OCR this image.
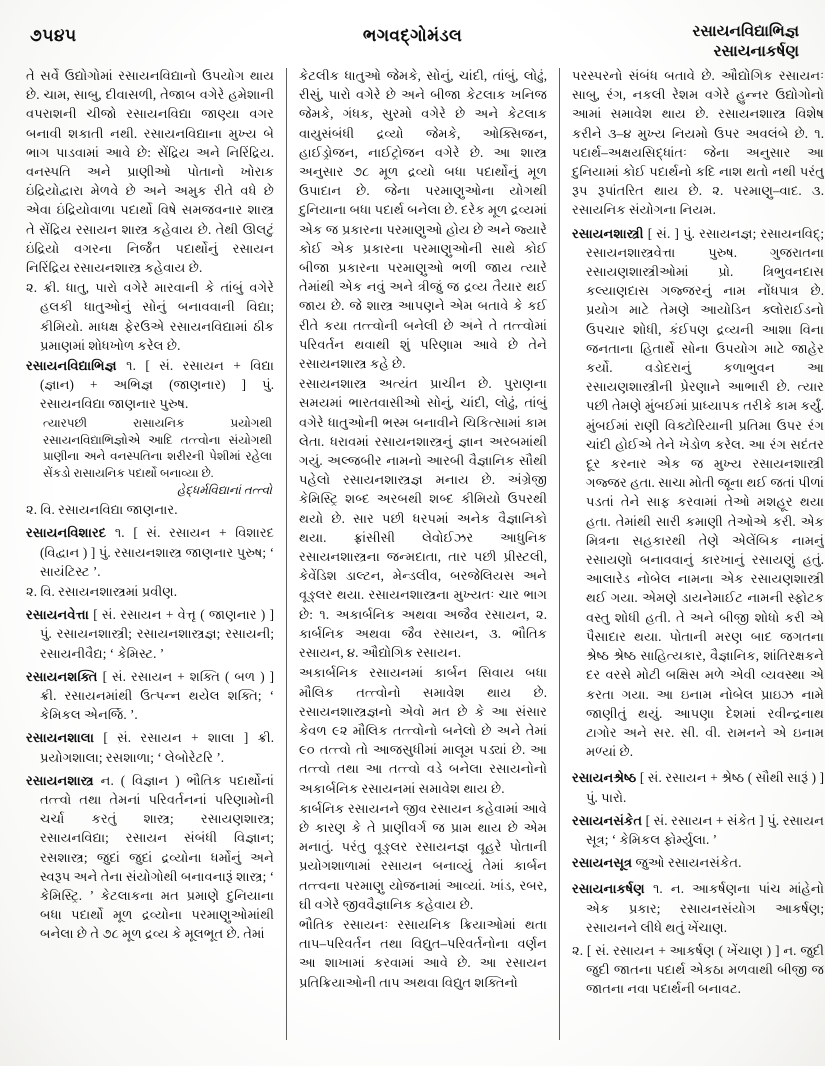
૭૫૪૫	ભગવદ્ગોમંડલ	રસાયનવિદ્યાભિજ્ઞ
રસાયનાકર્ષણ
તે સર્વે ઉદ્યોગોમાં રસાયનવિદ્યાનો ઉપયોગ થાય છે. ચામ, સાબુ, દીવાસળી, તેજાબ વગેરે હમેશાની વપરાશની ચીજો રસાયનવિદ્યા જાણ્યા વગર બનાવી શકાતી નથી. રસાયનવિદ્યાના મુખ્ય બે ભાગ પાડવામાં આવે છે: સેંદ્રિય અને નિરિંદ્રિય. વનસ્પતિ અને પ્રાણીઓ પોતાનો ખોરાક ઇંદ્રિયોદ્વારા મેળવે છે અને અમુક રીતે વધે છે એવા ઇંદ્રિયોવાળા પદાર્થો વિષે સમજવનાર શાસ્ત્ર તે સેંદ્રિય રસાયન શાસ્ત્ર કહેવાય છે. તેથી ઊલટું ઇંદ્રિયો વગરના નિર્જંત પદાર્થોનું રસાયન નિરિંદ્રિય રસાયનશાસ્ત્ર કહેવાય છે.
૨. ક્રી. ધાતુ, પારો વગેરે મારવાની કે તાંબું વગેરે હલકી ધાતુઓનું સોનું બનાવવાની વિદ્યા; કીમિયો. માધક્ષ ફેરઉએ રસાયનવિદ્યામાં ઠીક પ્રમાણમાં શોધખોળ કરેલ છે.
રસાયનવિદ્યાભિજ્ઞ ૧. [ સં. રસાયન + વિદ્યા (જ્ઞાન) + અભિજ્ઞ (જાણનાર) ] પું. રસાયનવિદ્યા જાણનાર પુરુષ.
ત્યારપછી રાસાયનિક પ્રયોગથી રસાયનવિદ્યાભિજ્ઞોએ આદિ તત્ત્વોના સંયોગથી પ્રાણીના અને વનસ્પતિના શરીરની પેશીમાં રહેલા સેંકડો રાસાયનિક પદાર્થો બનાવ્યા છે.
હેદ્ધર્મવિદ્યાનાં તત્ત્વો
૨. વિ. રસાયનવિદ્યા જાણનાર.
રસાયનવિશારદ ૧. [ સં. રસાયન + વિશારદ (વિદ્વાન ) ] પું. રસાયનશાસ્ત્ર જાણનાર પુરુષ; ‘ સાયંટિસ્ટ ’.
૨. વિ. રસાયનશાસ્ત્રમાં પ્રવીણ.
રસાયનવેત્તા [ સં. રસાયન + વેત્તૃ ( જાણનાર ) ] પું. રસાયનશાસ્ત્રી; રસાયનશાસ્ત્રજ્ઞ; રસાયની; રસાયનીવૈદ્ય; ‘ કેમિસ્ટ. ’
રસાયનશક્તિ [ સં. રસાયન + શક્તિ ( બળ ) ] ક્રી. રસાયનમાંથી ઉત્પન્ન થયેલ શક્તિ; ‘ કેમિકલ એનર્જિ. ’.
રસાયનશાલા [ સં. રસાયન + શાલા ] ક્રી. પ્રયોગશાલા; રસશાળા; ‘ લેબોરેટરિ ’.
રસાયનશાસ્ત્ર ન. ( વિજ્ઞાન ) ભૌતિક પદાર્થોનાં તત્ત્વો તથા તેમનાં પરિવર્તનનાં પરિણામોની ચર્ચા કરતું શાસ્ત્ર; રસાયણશાસ્ત્ર; રસાયનવિદ્યા; રસાયન સંબંધી વિજ્ઞાન; રસશાસ્ત્ર; જુદાં જુદાં દ્રવ્યોના ધર્મોનું અને સ્વરૂપ અને તેના સંયોગોથી બનાવનારૂં શાસ્ત્ર; ‘ કેમિસ્ટ્રિ. ’ કેટલાકના મત પ્રમાણે દુનિયાના બધા પદાર્થો મૂળ દ્રવ્યોના પરમાણુઓમાંથી બનેલા છે તે ૭૮ મૂળ દ્રવ્ય કે મૂલભૂત છે. તેમાં
કેટલીક ધાતુઓ જેમકે, સોનું, ચાંદી, તાંબું, લોઢું, રીસું, પારો વગેરે છે અને બીજા કેટલાક ખનિજ જેમકે, ગંધક, સુરમો વગેરે છે અને કેટલાક વાયુસંબંધી દ્રવ્યો જેમકે, ઓક્સિજન, હાઈડ્રોજન, નાઈટ્રોજન વગેરે છે. આ શાસ્ત્ર અનુસાર ૭૮ મૂળ દ્રવ્યો બધા પદાર્થોનું મૂળ ઉપાદાન છે. જેના પરમાણુઓના યોગથી દુનિયાના બધા પદાર્થ બનેલા છે. દરેક મૂળ દ્રવ્યમાં એક જ પ્રકારના પરમાણુઓ હોય છે અને જ્યારે કોઈ એક પ્રકારના પરમાણુઓની સાથે કોઈ બીજા પ્રકારના પરમાણુઓ ભળી જાય ત્યારે તેમાંથી એક નવું અને ત્રીજું જ દ્રવ્ય તૈયાર થઈ જાય છે. જે શાસ્ત્ર આપણને એમ બતાવે કે કઈ રીતે કયા તત્ત્વોની બનેલી છે અને તે તત્ત્વોમાં પરિવર્તન થવાથી શું પરિણામ આવે છે તેને રસાયનશાસ્ત્ર કહે છે.
રસાયનશાસ્ત્ર અત્યંત પ્રાચીન છે. પુરાણના સમયમાં ભારતવાસીઓ સોનું, ચાંદી, લોઢું, તાંબું વગેરે ધાતુઓની ભસ્મ બનાવીને ચિકિત્સામાં કામ લેતા. ધરાવમાં રસાયનશાસ્ત્રનું જ્ઞાન અરબમાંથી ગયું. અલ્જબીર નામનો આરબી વૈજ્ઞાનિક સૌથી પહેલો રસાયનશાસ્ત્રજ્ઞ મનાય છે. અંગ્રેજી કેમિસ્ટ્રિ શબ્દ અરબથી શબ્દ કીમિયો ઉપરથી થયો છે. સાર પછી ધરપમાં અનેક વૈજ્ઞાનિકો થયા. ફ્રાંસીસી લેવોઈઝર આધુનિક રસાયનશાસ્ત્રના જન્મદાતા, તાર પછી પ્રીસ્ટલી, કેવેંડિશ ડાલ્ટન, મેન્ડલીવ, બરજેલિયસ અને વૂઙ્લર થયા. રસાયનશાસ્ત્રના મુખ્યતઃ ચાર ભાગ છે: ૧. અકાર્બનિક અથવા અજૈવ રસાયન, ૨. કાર્બનિક અથવા જૈવ રસાયન, ૩. ભૌતિક રસાયન, ૪. ઔદ્યોગિક રસાયન.
અકાર્બનિક રસાયનમાં કાર્બન સિવાય બધા મૌલિક તત્ત્વોનો સમાવેશ થાય છે. રસાયનશાસ્ત્રજ્ઞનો એવો મત છે કે આ સંસાર કેવળ ૯૨ મૌલિક તત્ત્વોનો બનેલો છે અને તેમાં ૯૦ તત્ત્વો તો આજસુધીમાં માલૂમ પડ્યાં છે. આ તત્ત્વો તથા આ તત્ત્વો વડે બનેલા રસાયનોનો અકાર્બનિક રસાયનમાં સમાવેશ થાય છે.
કાર્બનિક રસાયનને જીવ રસાયન કહેવામાં આવે છે કારણ કે તે પ્રાણીવર્ગ જ પ્રામ થાય છે એમ મનાતું. પરંતુ વૂઙ્લર રસાયનજ્ઞ વૂહરે પોતાની પ્રયોગશાળામાં રસાયન બનાવ્યું તેમાં કાર્બન તત્ત્વના પરમાણુ યોજનામાં આવ્યાં. ખાંડ, રબર, ઘી વગેરે જીવવૈજ્ઞાનિક કહેવાય છે.
ભૌતિક રસાયનઃ રસાયનિક ક્રિયાઓમાં થતા તાપ–પરિવર્તન તથા વિદ્યુત–પરિવર્તનોના વર્ણન આ શાખામાં કરવામાં આવે છે. આ રસાયન પ્રતિક્રિયાઓની તાપ અથવા વિદ્યુત શક્તિનો
પરસ્પરનો સંબંધ બતાવે છે. ઔદ્યોગિક રસાયનઃ સાબુ, રંગ, નકલી રેશમ વગેરે હુન્નર ઉદ્યોગોનો આમાં સમાવેશ થાય છે. રસાયનશાસ્ત્ર વિશેષ કરીને ૩–૪ મુખ્ય નિયમો ઉપર અવલંબે છે. ૧. પદાર્થ–અક્ષયસિદ્ધાંતઃ જેના અનુસાર આ દુનિયામાં કોઈ પદાર્થનો કદિ નાશ થતો નથી પરંતુ રૂપ રૂપાંતરિત થાય છે. ૨. પરમાણુ–વાદ. ૩. રસાયનિક સંયોગના નિયમ.
રસાયનશાસ્ત્રી [ સં. ] પું. રસાયનજ્ઞ; રસાયનવિદ્; રસાયનશાસ્ત્રવેત્તા પુરુષ. ગુજરાતના રસાયણશાસ્ત્રીઓમાં પ્રો. ત્રિભુવનદાસ કલ્યાણદાસ ગજ્જરનું નામ નોંધપાત્ર છે. પ્રયોગ માટે તેમણે આયોડિન ક્લોરાઈડનો ઉપચાર શોધી, કંઈપણ દ્રવ્યની આશા વિના જનતાના હિતાર્થે સોના ઉપયોગ માટે જાહેર કર્યો. વડોદરાનું કળાભુવન આ રસાયણશાસ્ત્રીની પ્રેરણાને આભારી છે. ત્યાર પછી તેમણે મુંબઈમાં પ્રાધ્યાપક તરીકે કામ કર્યું. મુંબઈમાં રાણી વિક્ટોરિયાની પ્રતિમા ઉપર રંગ ચાંદી હોઈએ તેને ખેડોળ કરેલ. આ રંગ સદંતર દૂર કરનાર એક જ મુખ્ય રસાયનશાસ્ત્રી ગજ્જર હતા. સાચા મોતી જૂના થઈ જતાં પીળાં પડતાં તેને સાફ કરવામાં તેઓ મશહૂર થયા હતા. તેમાંથી સારી કમાણી તેઓએ કરી. એક મિત્રના સહકારથી તેણે એલેંબિક નામનું રસાયણો બનાવવાનું કારખાનું રસાયણું હતું. આલારેડ નોબેલ નામના એક રસાયણશાસ્ત્રી થઈ ગયા. એમણે ડાયનેમાઈટ નામની સ્ફોટક વસ્તુ શોધી હતી. તે અને બીજી શોધો કરી એ પૈસાદાર થયા. પોતાની મરણ બાદ જગતના શ્રેષ્ઠ શ્રેષ્ઠ સાહિત્યકાર, વૈજ્ઞાનિક, શાંતિરક્ષકને દર વરસે મોટી બક્ષિસ મળે એવી વ્યવસ્થા એ કરતા ગયા. આ ઇનામ નોબેલ પ્રાઇઝ નામે જાણીતું થયું. આપણા દેશમાં રવીન્દ્રનાથ ટાગોર અને સર. સી. વી. રામનને એ ઇનામ મળ્યાં છે.
રસાયનશ્રેષ્ઠ [ સં. રસાયન + શ્રેષ્ઠ ( સૌથી સારૂં ) ] પું. પારો.
રસાયનસંકેત [ સં. રસાયન + સંકેત ] પું. રસાયન સૂત્ર; ‘ કેમિકલ ફોર્મ્યુલા. ’
રસાયનસૂત્ર જુઓ રસાયનસંકેત.
રસાયનાકર્ષણ ૧. ન. આકર્ષણના પાંચ માંહેનો એક પ્રકાર; રસાયનસંયોગ આકર્ષણ; રસાયનને લીધે થતું ખેંચાણ.
૨. [ સં. રસાયન + આકર્ષણ ( ખેંચાણ ) ] ન. જુદી જુદી જાતના પદાર્થ એકઠા મળવાથી બીજી જ જાતના નવા પદાર્થની બનાવટ.
